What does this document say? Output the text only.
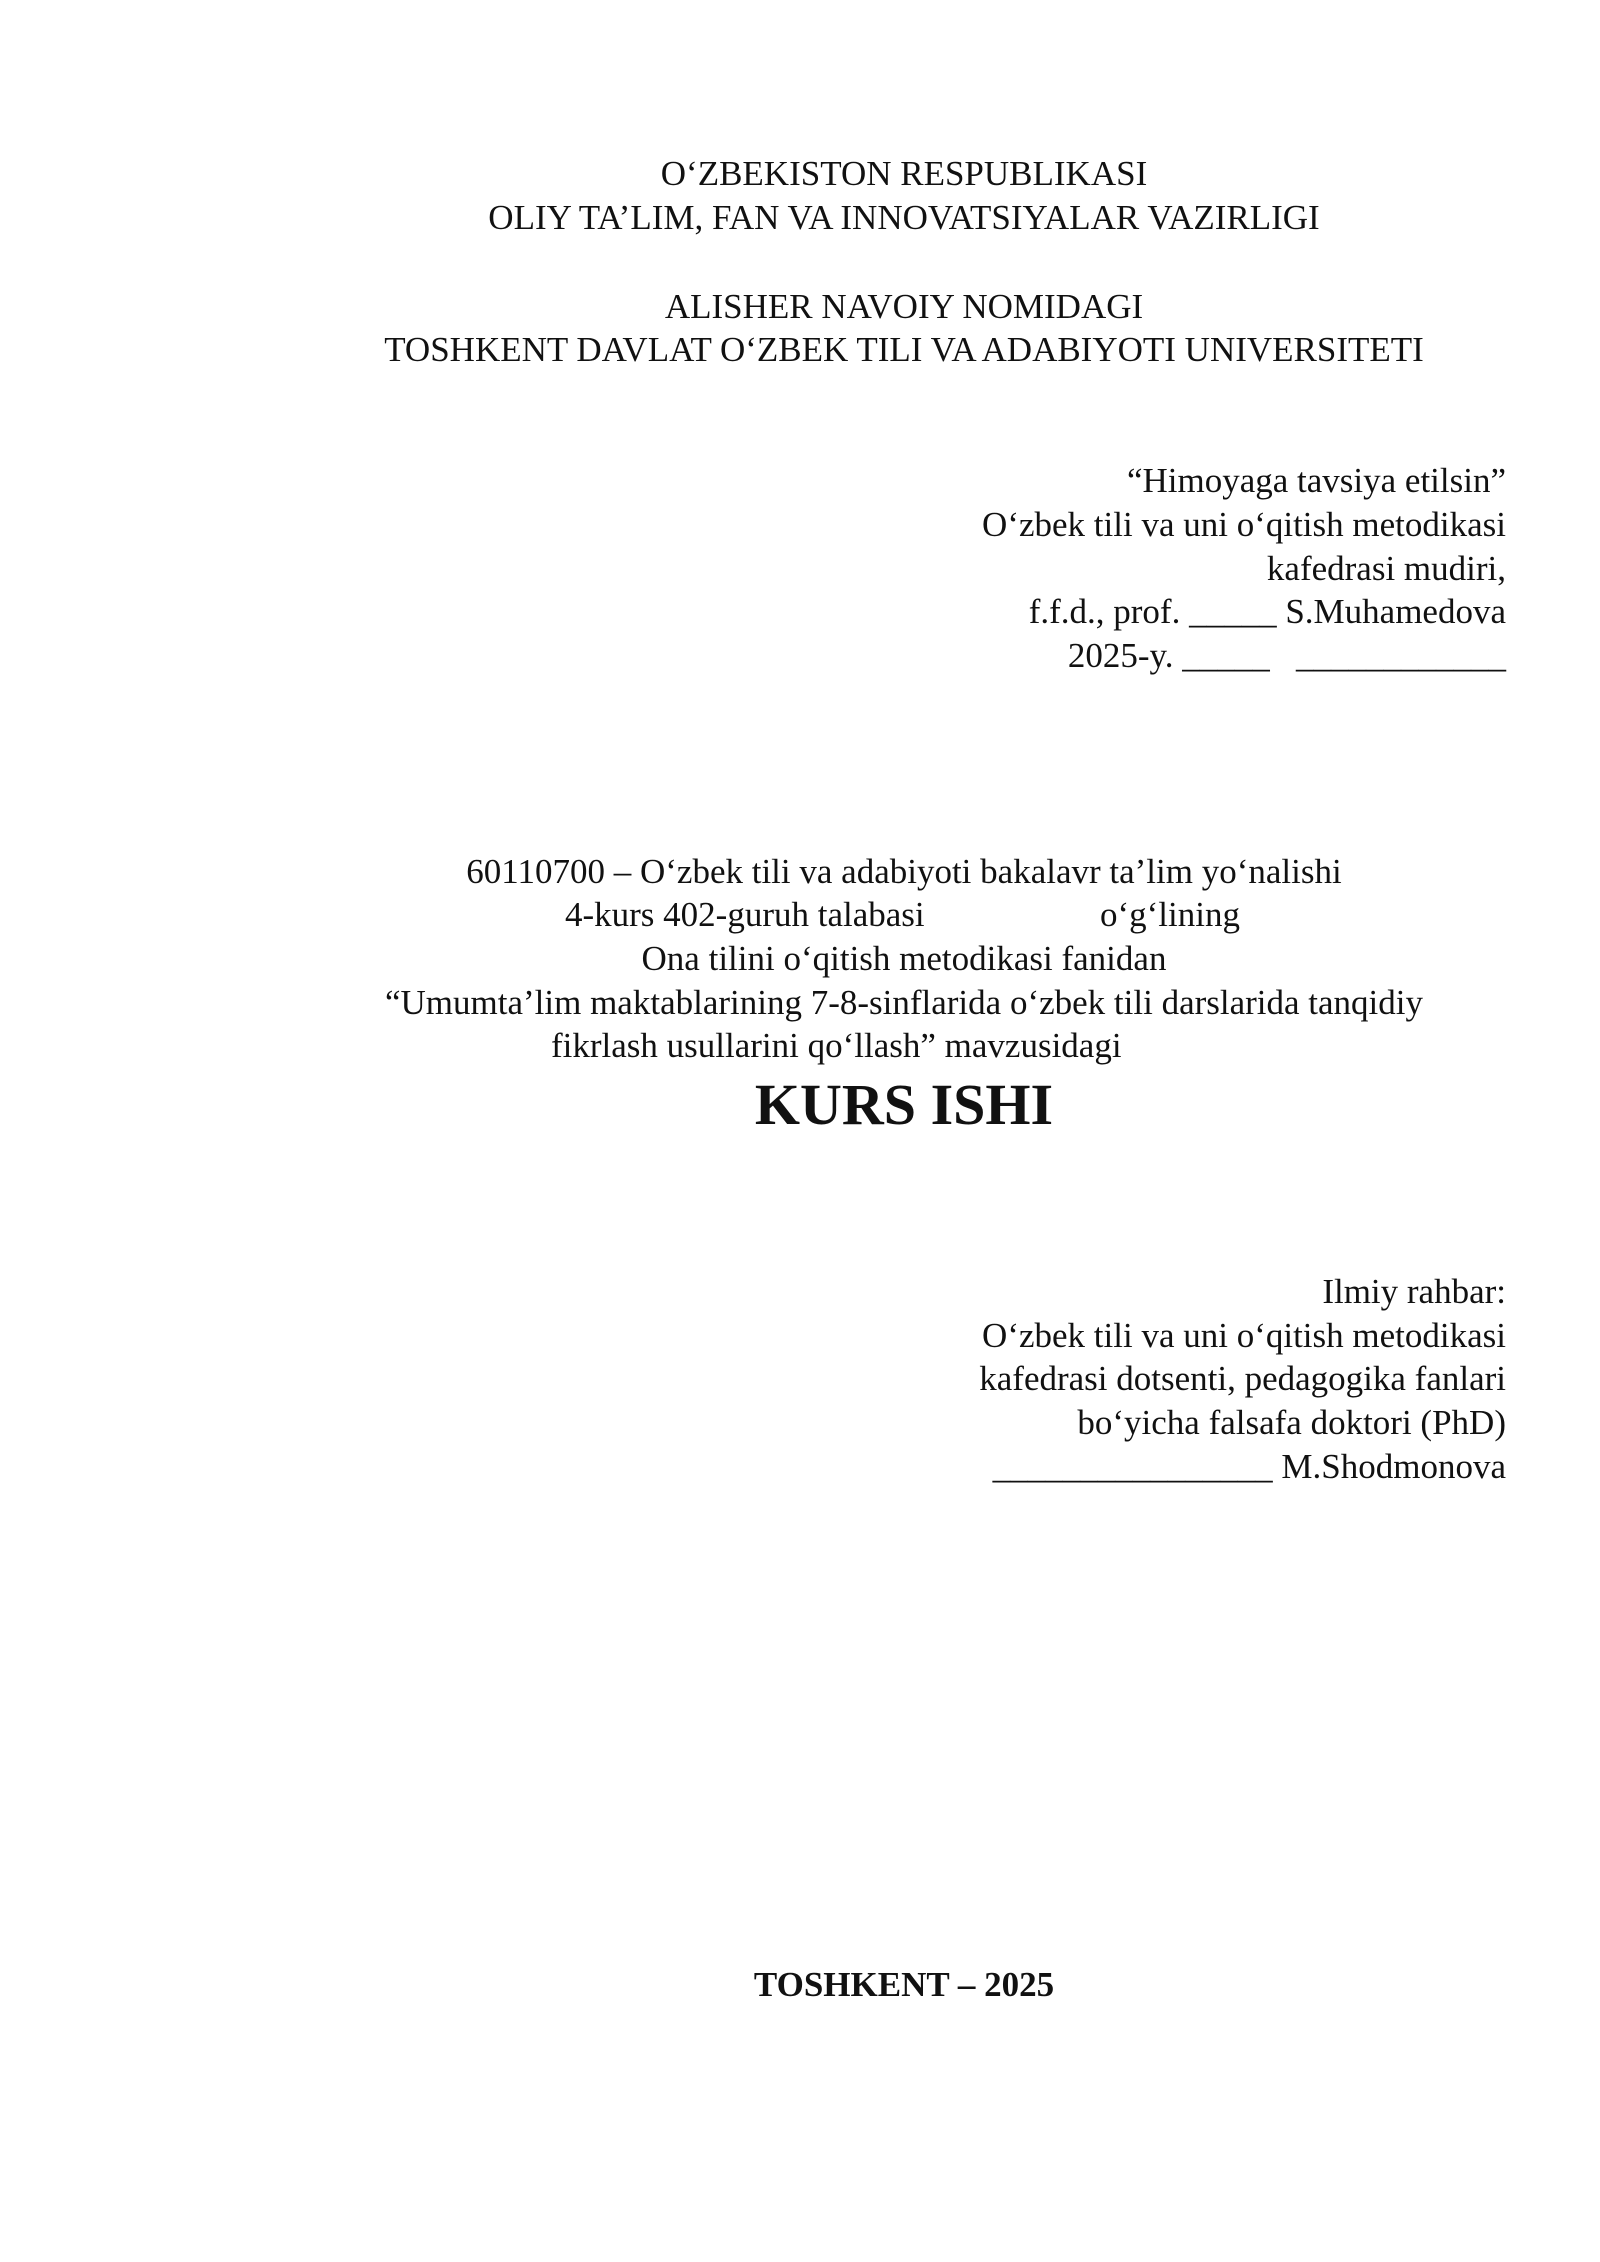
O‘ZBEKISTON RESPUBLIKASI
OLIY TA’LIM, FAN VA INNOVATSIYALAR VAZIRLIGI
ALISHER NAVOIY NOMIDAGI
TOSHKENT DAVLAT O‘ZBEK TILI VA ADABIYOTI UNIVERSITETI
“Himoyaga tavsiya etilsin”
O‘zbek tili va uni o‘qitish metodikasi
kafedrasi mudiri,
f.f.d., prof. _____ S.Muhamedova
2025-y. _____   ____________
60110700 – O‘zbek tili va adabiyoti bakalavr ta’lim yo‘nalishi
4-kurs 402-guruh talabasi	o‘g‘lining
Ona tilini o‘qitish metodikasi fanidan
“Umumta’lim maktablarining 7-8-sinflarida o‘zbek tili darslarida tanqidiy
fikrlash usullarini qo‘llash” mavzusidagi
KURS ISHI
Ilmiy rahbar:
O‘zbek tili va uni o‘qitish metodikasi
kafedrasi dotsenti, pedagogika fanlari
bo‘yicha falsafa doktori (PhD)
________________ M.Shodmonova
TOSHKENT – 2025
